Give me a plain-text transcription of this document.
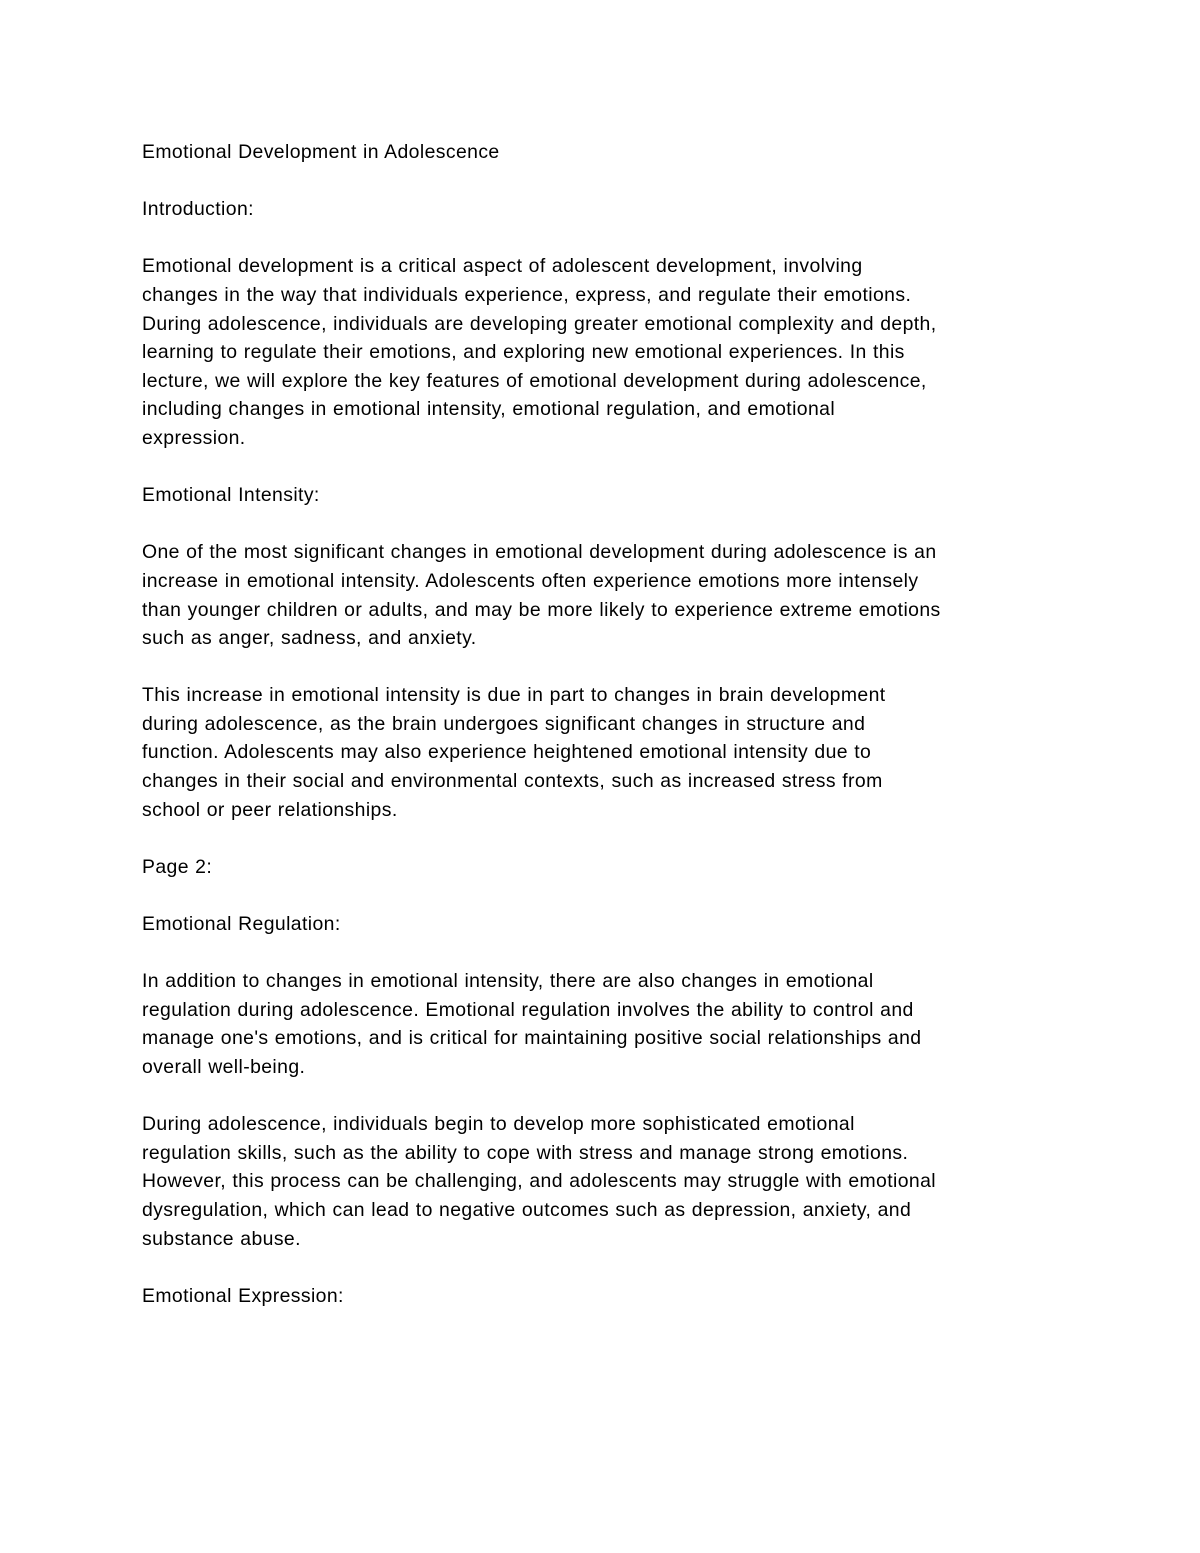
Emotional Development in Adolescence

Introduction:

Emotional development is a critical aspect of adolescent development, involving

changes in the way that individuals experience, express, and regulate their emotions.

During adolescence, individuals are developing greater emotional complexity and depth,

learning to regulate their emotions, and exploring new emotional experiences. In this

lecture, we will explore the key features of emotional development during adolescence,

including changes in emotional intensity, emotional regulation, and emotional

expression.

Emotional Intensity:

One of the most significant changes in emotional development during adolescence is an

increase in emotional intensity. Adolescents often experience emotions more intensely

than younger children or adults, and may be more likely to experience extreme emotions

such as anger, sadness, and anxiety.

This increase in emotional intensity is due in part to changes in brain development

during adolescence, as the brain undergoes significant changes in structure and

function. Adolescents may also experience heightened emotional intensity due to

changes in their social and environmental contexts, such as increased stress from

school or peer relationships.

Page 2:

Emotional Regulation:

In addition to changes in emotional intensity, there are also changes in emotional

regulation during adolescence. Emotional regulation involves the ability to control and

manage one's emotions, and is critical for maintaining positive social relationships and

overall well-being.

During adolescence, individuals begin to develop more sophisticated emotional

regulation skills, such as the ability to cope with stress and manage strong emotions.

However, this process can be challenging, and adolescents may struggle with emotional

dysregulation, which can lead to negative outcomes such as depression, anxiety, and

substance abuse.

Emotional Expression:
